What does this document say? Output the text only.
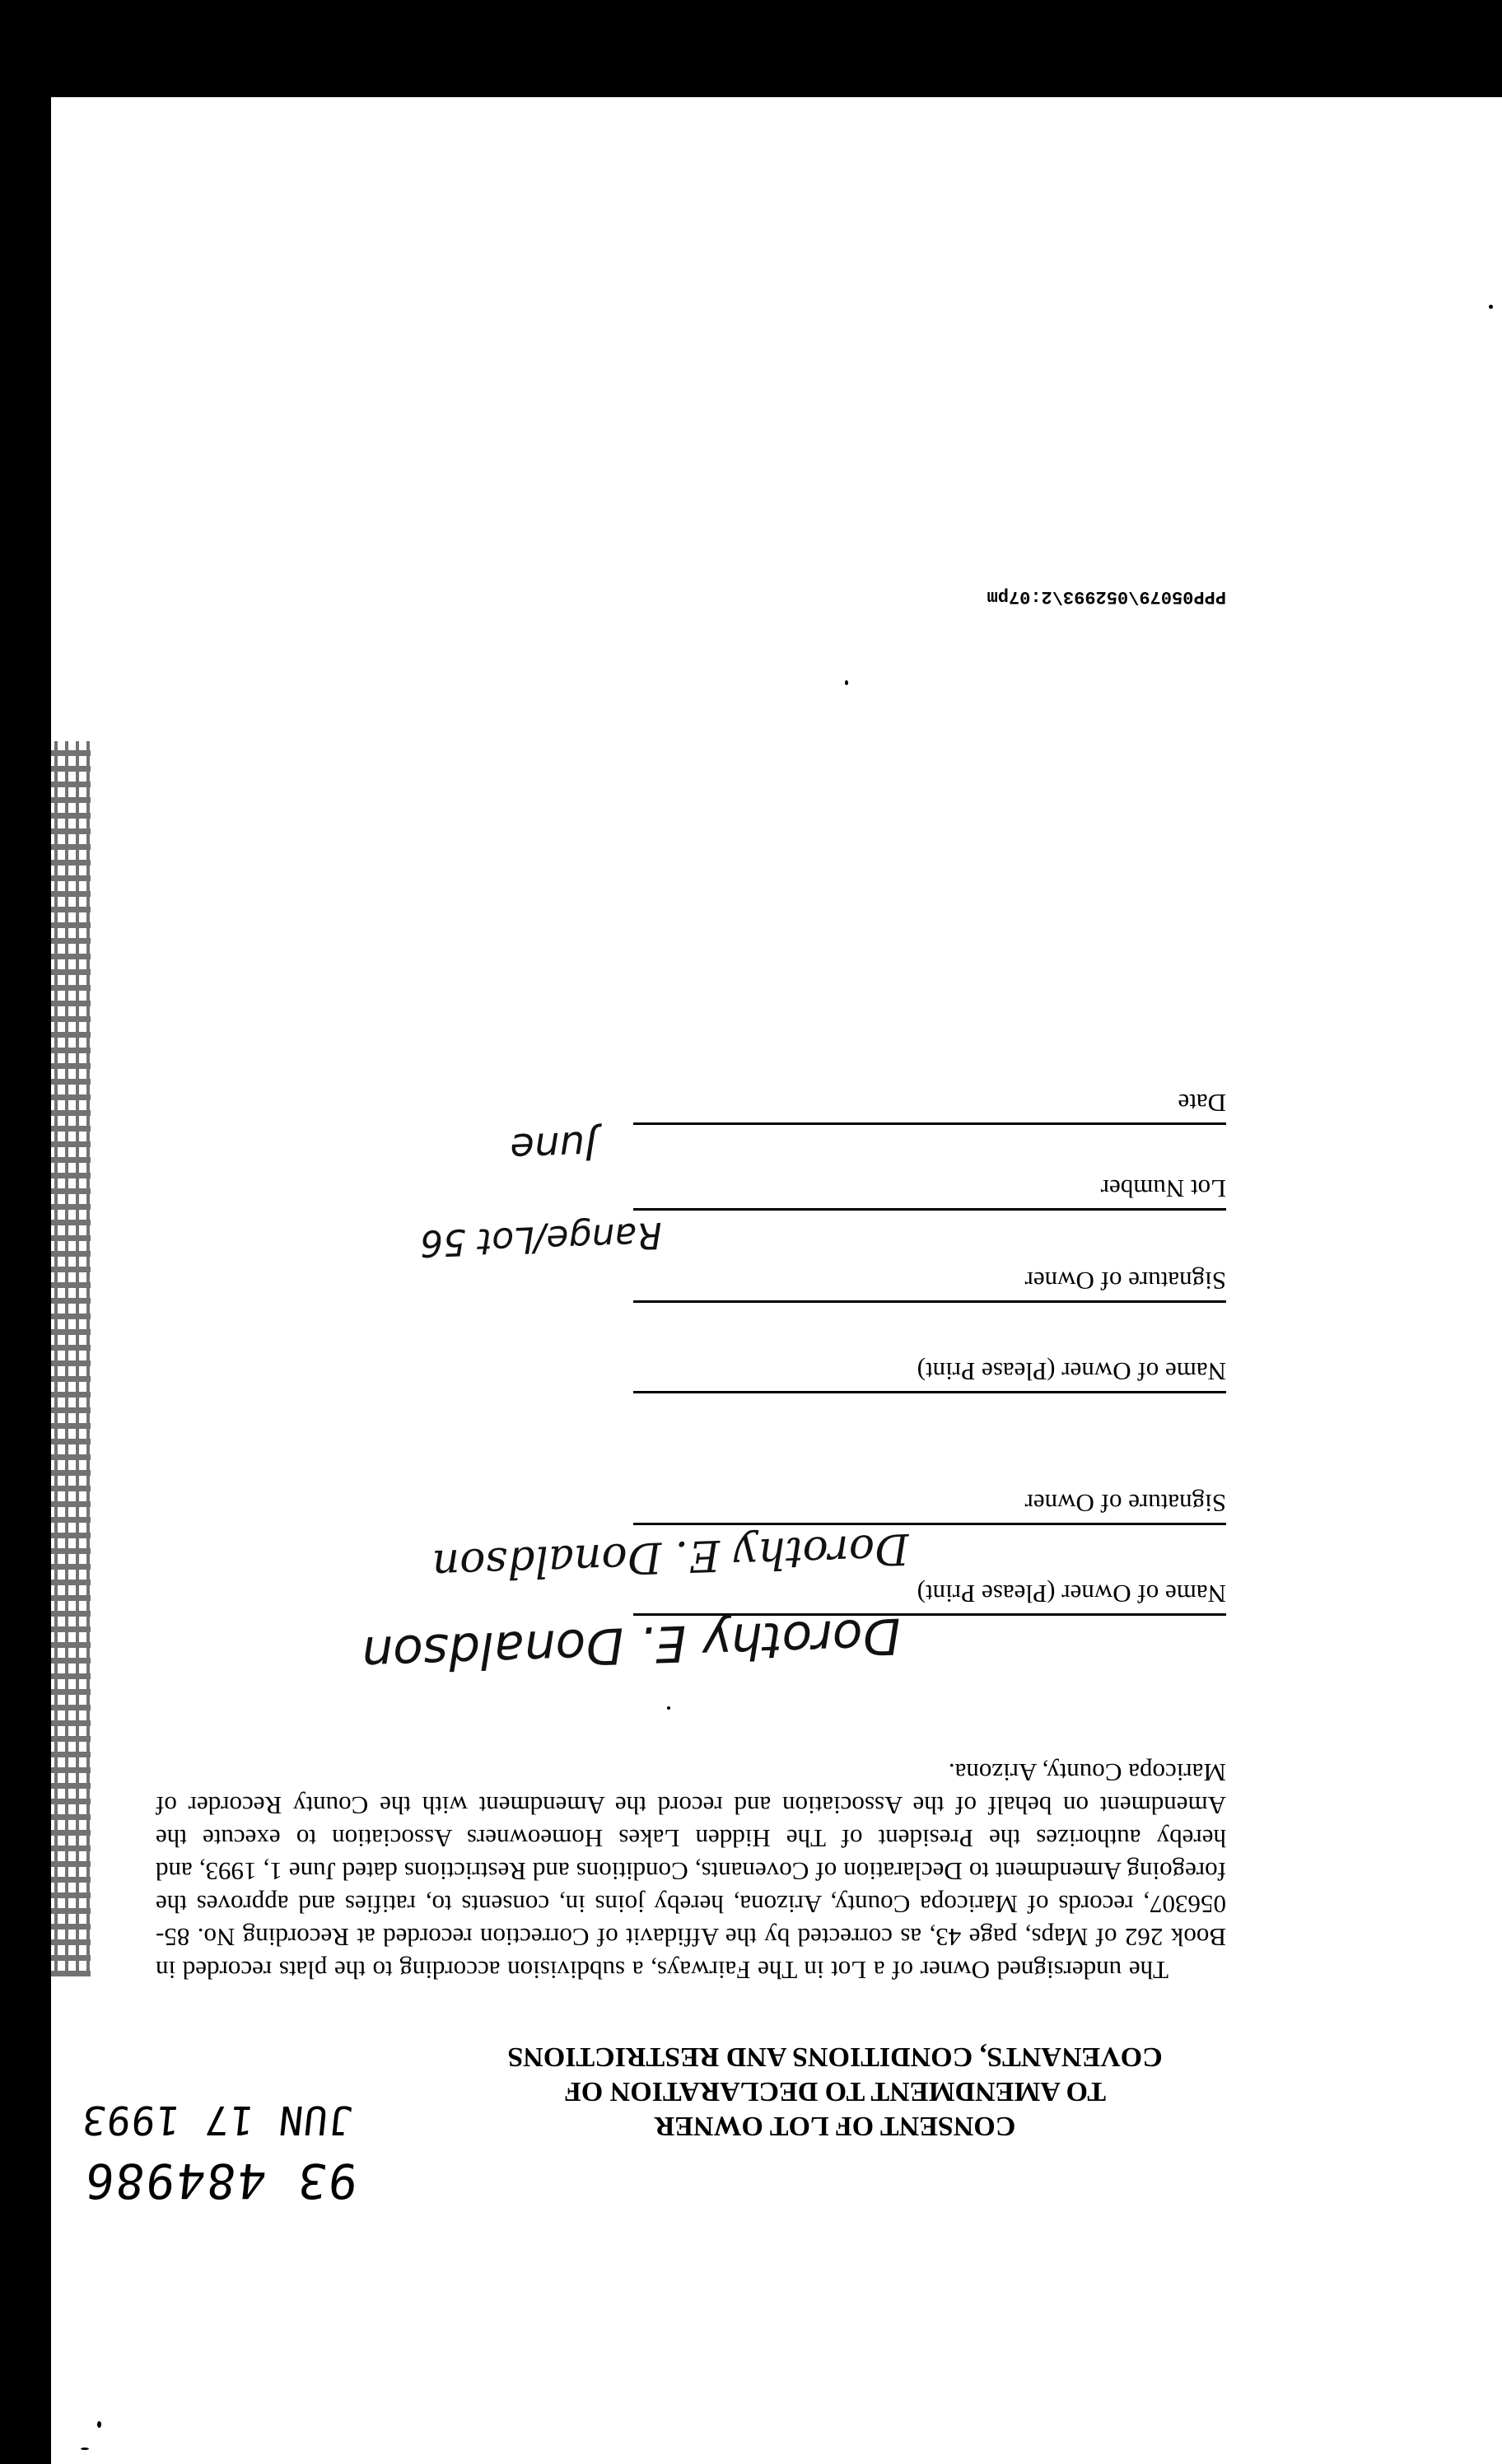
93 484986
JUN 17 1993	CONSENT OF LOT OWNER
TO AMENDMENT TO DECLARATION OF
COVENANTS, CONDITIONS AND RESTRICTIONS

The undersigned Owner of a Lot in The Fairways, a subdivision according to the plats recorded in Book 262 of Maps, page 43, as corrected by the Affidavit of Correction recorded at Recording No. 85-056307, records of Maricopa County, Arizona, hereby joins in, consents to, ratifies and approves the foregoing Amendment to Declaration of Covenants, Conditions and Restrictions dated June 1, 1993, and hereby authorizes the President of The Hidden Lakes Homeowners Association to execute the Amendment on behalf of the Association and record the Amendment with the County Recorder of Maricopa County, Arizona.

Name of Owner (Please Print)
Dorothy E. Donaldson
Signature of Owner
Dorothy E. Donaldson
Name of Owner (Please Print)
Signature of Owner
Lot Number
Range/Lot 56
Date
June
PPP05079\052993\2:07pm
